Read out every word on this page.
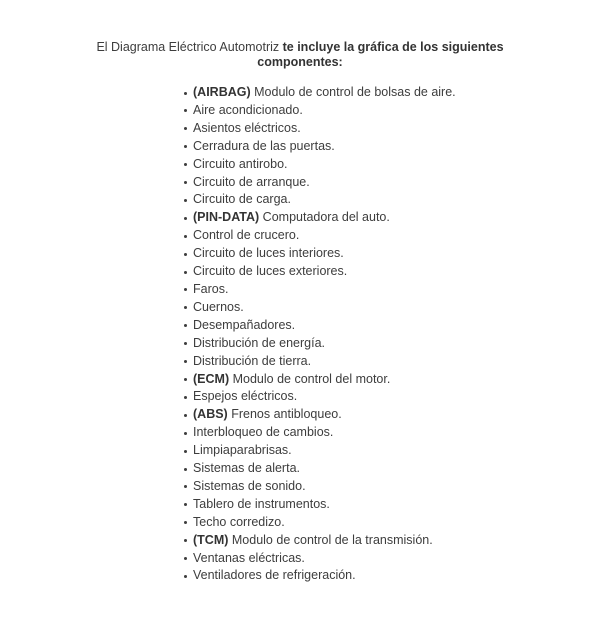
El Diagrama Eléctrico Automotriz te incluye la gráfica de los siguientes componentes:

(AIRBAG) Modulo de control de bolsas de aire.
Aire acondicionado.
Asientos eléctricos.
Cerradura de las puertas.
Circuito antirobo.
Circuito de arranque.
Circuito de carga.
(PIN-DATA) Computadora del auto.
Control de crucero.
Circuito de luces interiores.
Circuito de luces exteriores.
Faros.
Cuernos.
Desempañadores.
Distribución de energía.
Distribución de tierra.
(ECM) Modulo de control del motor.
Espejos eléctricos.
(ABS) Frenos antibloqueo.
Interbloqueo de cambios.
Limpiaparabrisas.
Sistemas de alerta.
Sistemas de sonido.
Tablero de instrumentos.
Techo corredizo.
(TCM) Modulo de control de la transmisión.
Ventanas eléctricas.
Ventiladores de refrigeración.
